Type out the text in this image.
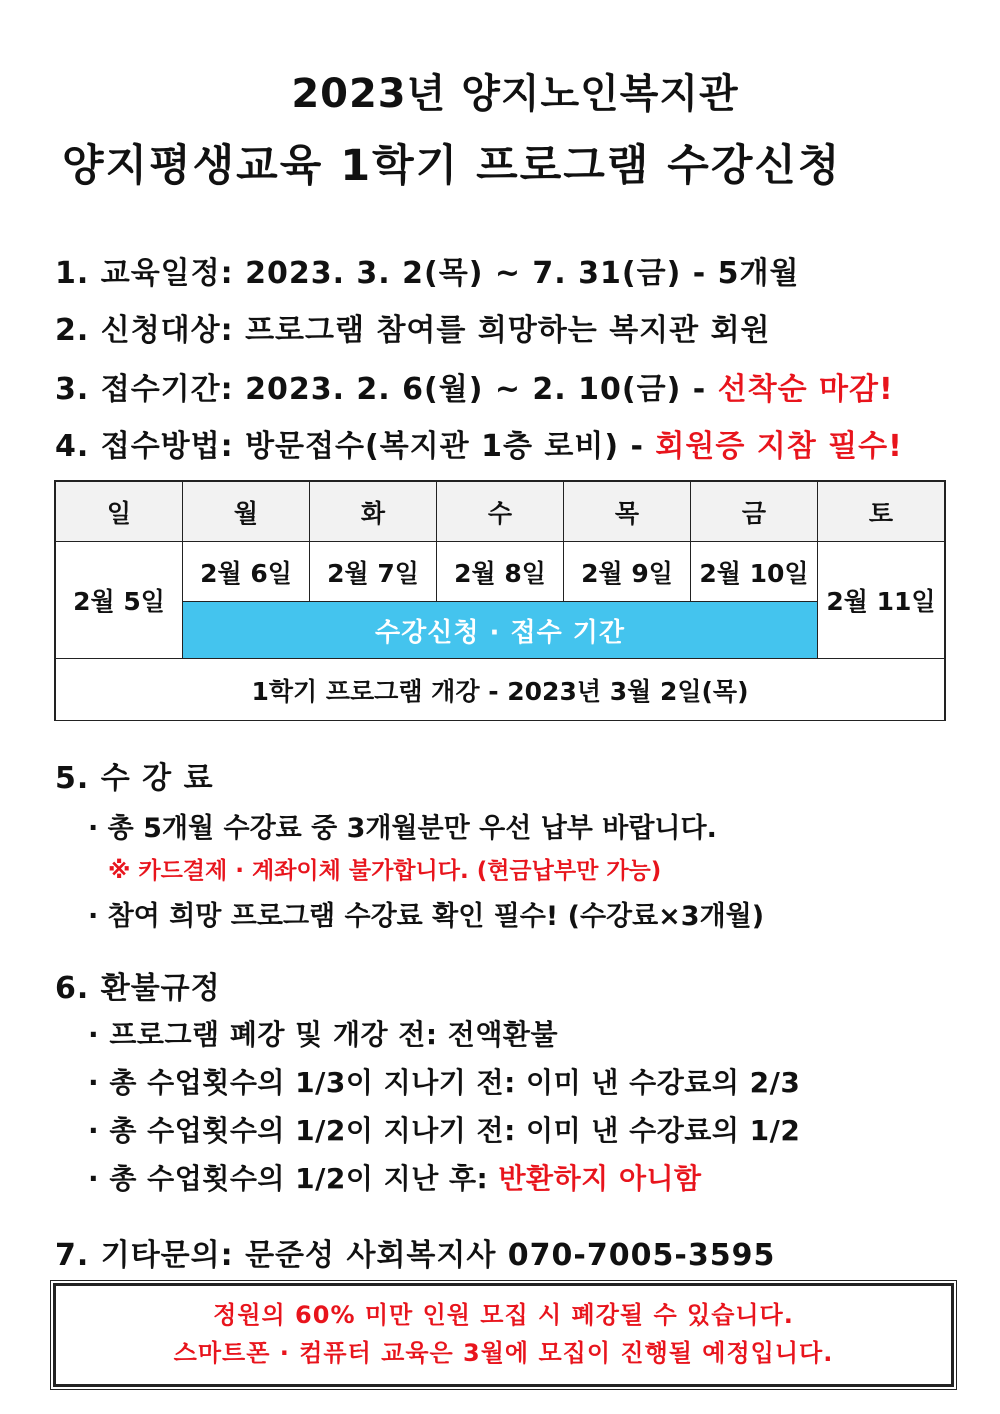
2023년 양지노인복지관
양지평생교육 1학기 프로그램 수강신청
1. 교육일정: 2023. 3. 2(목) ~ 7. 31(금) - 5개월
2. 신청대상: 프로그램 참여를 희망하는 복지관 회원
3. 접수기간: 2023. 2. 6(월) ~ 2. 10(금) - 선착순 마감!
4. 접수방법: 방문접수(복지관 1층 로비) - 회원증 지참 필수!
일	월	화	수	목	금	토
2월 5일	2월 6일	2월 7일	2월 8일	2월 9일	2월 10일	2월 11일
	수강신청 · 접수 기간					
1학기 프로그램 개강 - 2023년 3월 2일(목)						
5. 수 강 료
· 총 5개월 수강료 중 3개월분만 우선 납부 바랍니다.
※ 카드결제 · 계좌이체 불가합니다. (현금납부만 가능)
· 참여 희망 프로그램 수강료 확인 필수! (수강료×3개월)
6. 환불규정
· 프로그램 폐강 및 개강 전: 전액환불
· 총 수업횟수의 1/3이 지나기 전: 이미 낸 수강료의 2/3
· 총 수업횟수의 1/2이 지나기 전: 이미 낸 수강료의 1/2
· 총 수업횟수의 1/2이 지난 후: 반환하지 아니함
7. 기타문의: 문준성 사회복지사 070-7005-3595
정원의 60% 미만 인원 모집 시 폐강될 수 있습니다.
스마트폰 · 컴퓨터 교육은 3월에 모집이 진행될 예정입니다.
